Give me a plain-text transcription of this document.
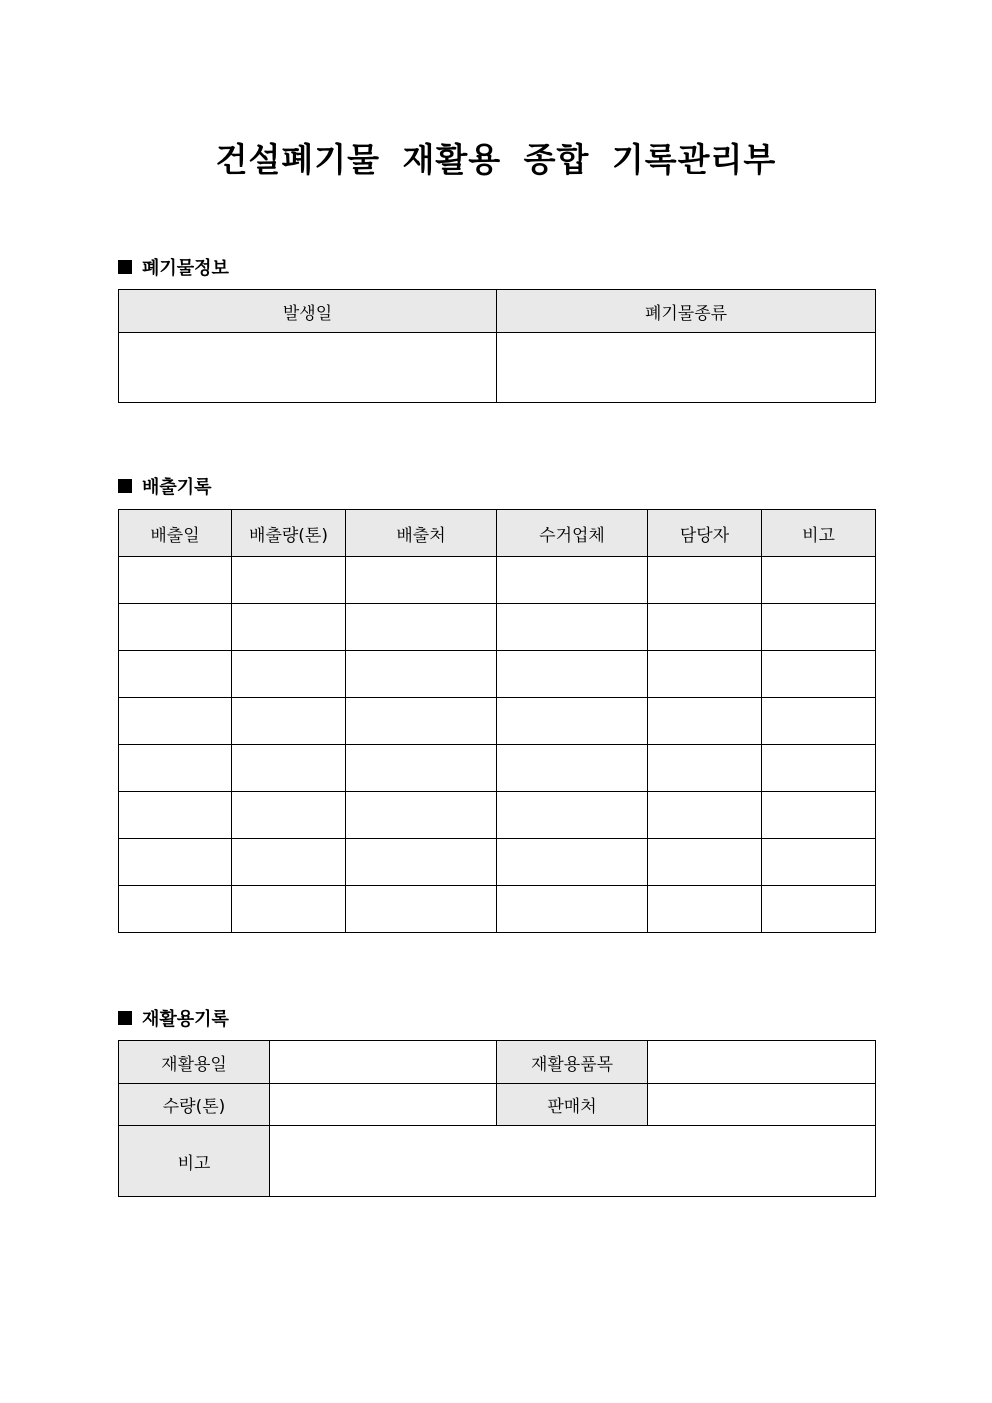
건설폐기물 재활용 종합 기록관리부
폐기물정보
발생일	폐기물종류

배출기록
배출일	배출량(톤)	배출처	수거업체	담당자	비고

재활용기록
재활용일		재활용품목	
수량(톤)		판매처	
비고			
